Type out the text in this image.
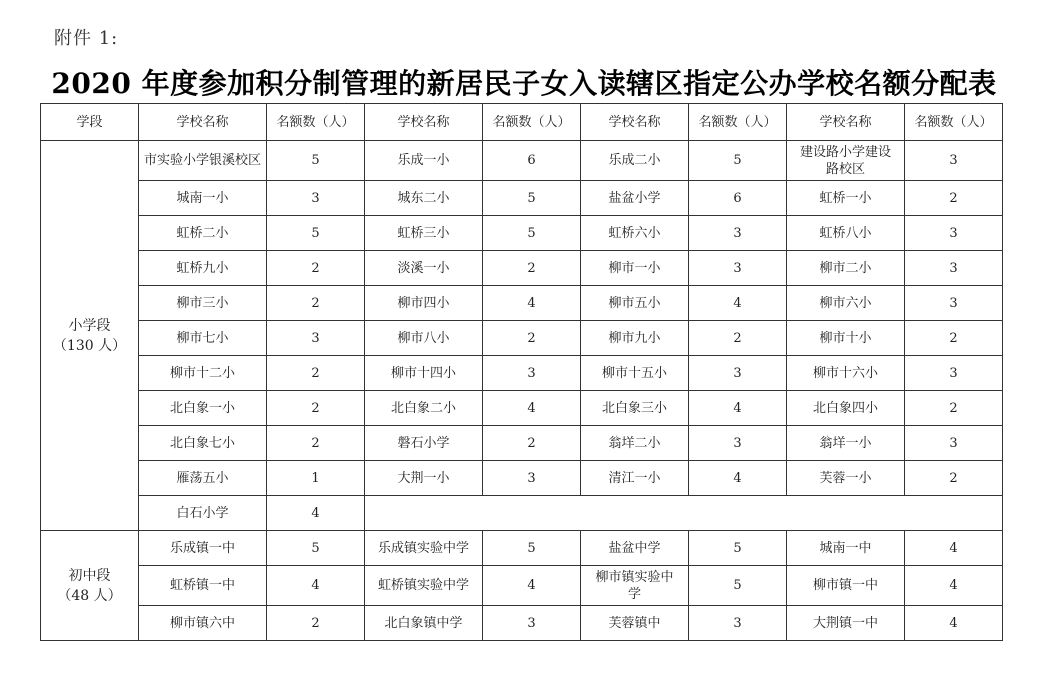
附件 1:
2020 年度参加积分制管理的新居民子女入读辖区指定公办学校名额分配表
学段	学校名称	名额数（人）	学校名称	名额数（人）	学校名称	名额数（人）	学校名称	名额数（人）
小学段
（130 人）	市实验小学银溪校区	5	乐成一小	6	乐成二小	5	建设路小学建设路校区	3
	城南一小	3	城东二小	5	盐盆小学	6	虹桥一小	2
	虹桥二小	5	虹桥三小	5	虹桥六小	3	虹桥八小	3
	虹桥九小	2	淡溪一小	2	柳市一小	3	柳市二小	3
	柳市三小	2	柳市四小	4	柳市五小	4	柳市六小	3
	柳市七小	3	柳市八小	2	柳市九小	2	柳市十小	2
	柳市十二小	2	柳市十四小	3	柳市十五小	3	柳市十六小	3
	北白象一小	2	北白象二小	4	北白象三小	4	北白象四小	2
	北白象七小	2	磐石小学	2	翁垟二小	3	翁垟一小	3
	雁荡五小	1	大荆一小	3	清江一小	4	芙蓉一小	2
	白石小学	4						
初中段
（48 人）	乐成镇一中	5	乐成镇实验中学	5	盐盆中学	5	城南一中	4
	虹桥镇一中	4	虹桥镇实验中学	4	柳市镇实验中学	5	柳市镇一中	4
	柳市镇六中	2	北白象镇中学	3	芙蓉镇中	3	大荆镇一中	4
